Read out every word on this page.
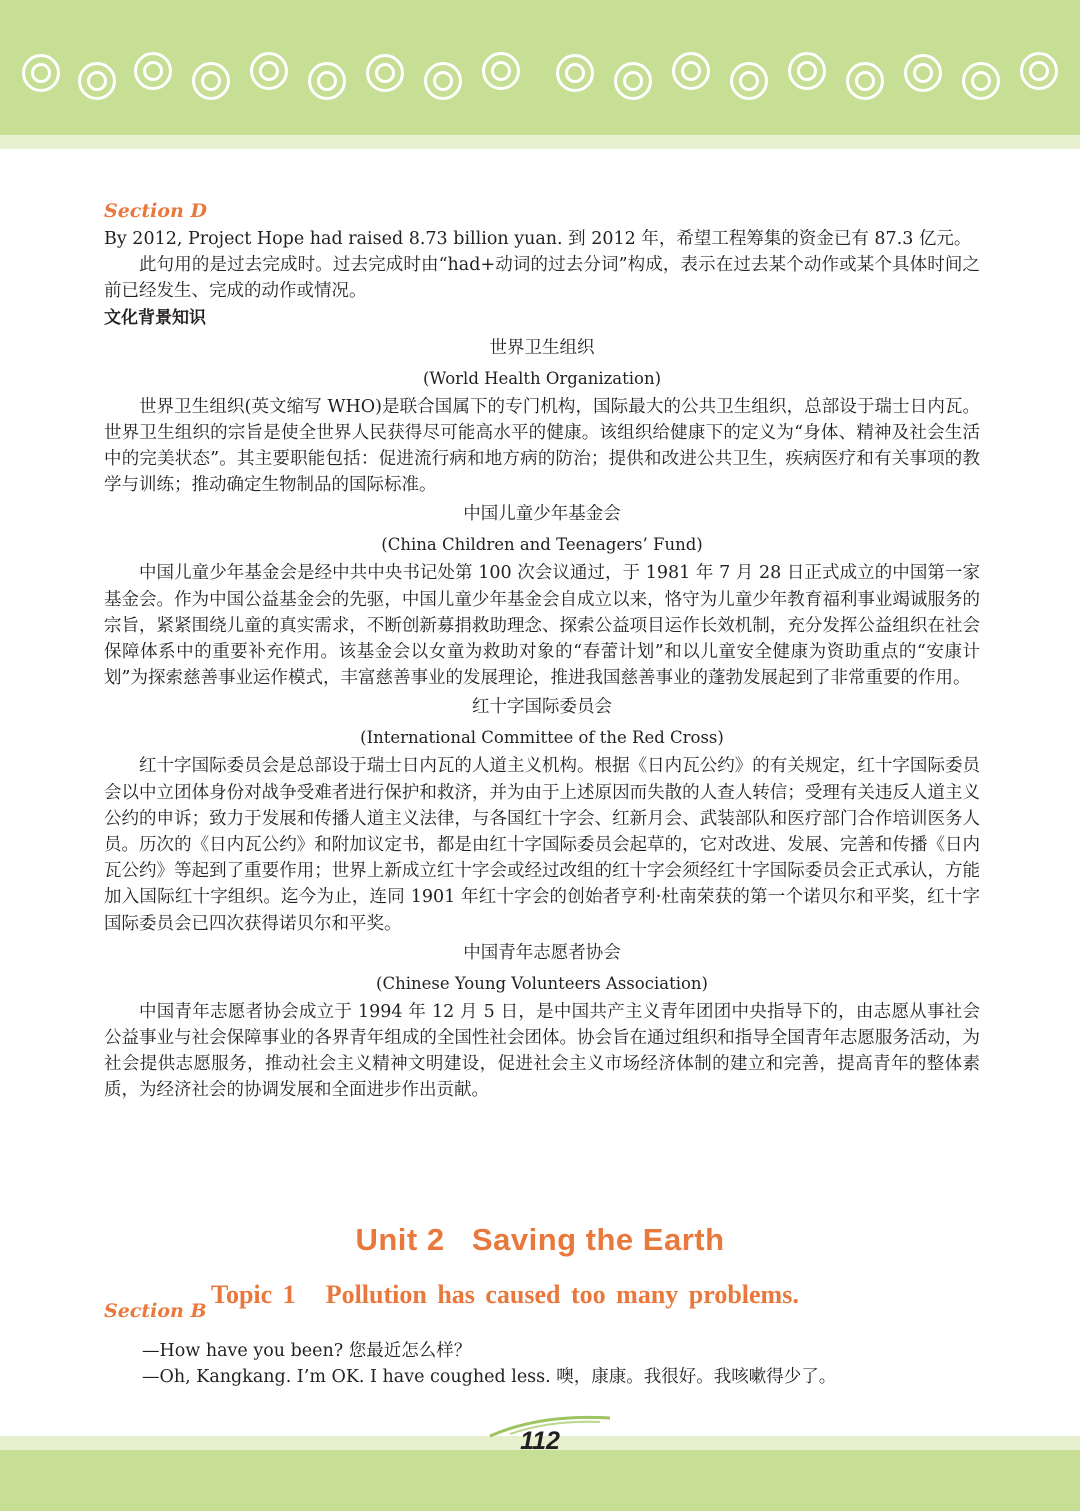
Section D

By 2012, Project Hope had raised 8.73 billion yuan. 到 2012 年，希望工程筹集的资金已有 87.3 亿元。

此句用的是过去完成时。过去完成时由“had+动词的过去分词”构成，表示在过去某个动作或某个具体时间之前已经发生、完成的动作或情况。

文化背景知识

世界卫生组织

(World Health Organization)

世界卫生组织(英文缩写 WHO)是联合国属下的专门机构，国际最大的公共卫生组织，总部设于瑞士日内瓦。世界卫生组织的宗旨是使全世界人民获得尽可能高水平的健康。该组织给健康下的定义为“身体、精神及社会生活中的完美状态”。其主要职能包括：促进流行病和地方病的防治；提供和改进公共卫生，疾病医疗和有关事项的教学与训练；推动确定生物制品的国际标准。

中国儿童少年基金会

(China Children and Teenagers’ Fund)

中国儿童少年基金会是经中共中央书记处第 100 次会议通过，于 1981 年 7 月 28 日正式成立的中国第一家基金会。作为中国公益基金会的先驱，中国儿童少年基金会自成立以来，恪守为儿童少年教育福利事业竭诚服务的宗旨，紧紧围绕儿童的真实需求，不断创新募捐救助理念、探索公益项目运作长效机制，充分发挥公益组织在社会保障体系中的重要补充作用。该基金会以女童为救助对象的“春蕾计划”和以儿童安全健康为资助重点的“安康计划”为探索慈善事业运作模式，丰富慈善事业的发展理论，推进我国慈善事业的蓬勃发展起到了非常重要的作用。

红十字国际委员会

(International Committee of the Red Cross)

红十字国际委员会是总部设于瑞士日内瓦的人道主义机构。根据《日内瓦公约》的有关规定，红十字国际委员会以中立团体身份对战争受难者进行保护和救济，并为由于上述原因而失散的人查人转信；受理有关违反人道主义公约的申诉；致力于发展和传播人道主义法律，与各国红十字会、红新月会、武装部队和医疗部门合作培训医务人员。历次的《日内瓦公约》和附加议定书，都是由红十字国际委员会起草的，它对改进、发展、完善和传播《日内瓦公约》等起到了重要作用；世界上新成立红十字会或经过改组的红十字会须经红十字国际委员会正式承认，方能加入国际红十字组织。迄今为止，连同 1901 年红十字会的创始者亨利·杜南荣获的第一个诺贝尔和平奖，红十字国际委员会已四次获得诺贝尔和平奖。

中国青年志愿者协会

(Chinese Young Volunteers Association)

中国青年志愿者协会成立于 1994 年 12 月 5 日，是中国共产主义青年团团中央指导下的，由志愿从事社会公益事业与社会保障事业的各界青年组成的全国性社会团体。协会旨在通过组织和指导全国青年志愿服务活动，为社会提供志愿服务，推动社会主义精神文明建设，促进社会主义市场经济体制的建立和完善，提高青年的整体素质，为经济社会的协调发展和全面进步作出贡献。

Unit 2   Saving the Earth
Topic 1 Pollution has caused too many problems.
Section B

—How have you been? 您最近怎么样？

—Oh, Kangkang. I’m OK. I have coughed less. 噢，康康。我很好。我咳嗽得少了。

112
